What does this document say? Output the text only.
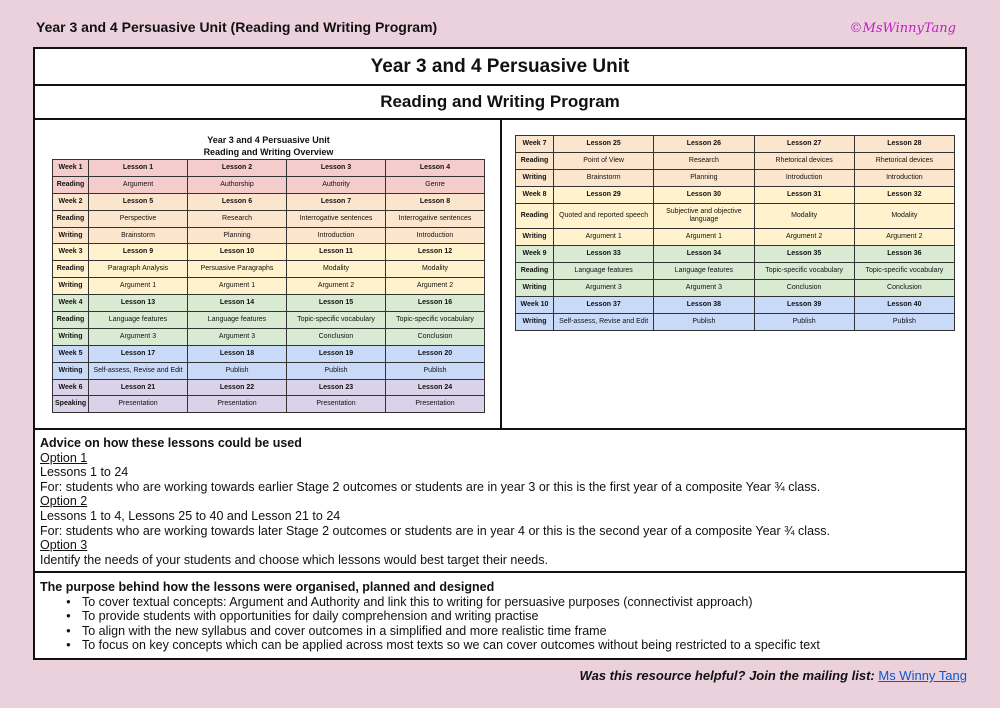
Year 3 and 4 Persuasive Unit (Reading and Writing Program)	©MsWinnyTang
Year 3 and 4 Persuasive Unit
Reading and Writing Program
Year 3 and 4 Persuasive Unit
Reading and Writing Overview
Week 1	Lesson 1	Lesson 2	Lesson 3	Lesson 4
Reading	Argument	Authorship	Authority	Genre
Week 2	Lesson 5	Lesson 6	Lesson 7	Lesson 8
Reading	Perspective	Research	Interrogative sentences	Interrogative sentences
Writing	Brainstorm	Planning	Introduction	Introduction
Week 3	Lesson 9	Lesson 10	Lesson 11	Lesson 12
Reading	Paragraph Analysis	Persuasive Paragraphs	Modality	Modality
Writing	Argument 1	Argument 1	Argument 2	Argument 2
Week 4	Lesson 13	Lesson 14	Lesson 15	Lesson 16
Reading	Language features	Language features	Topic-specific vocabulary	Topic-specific vocabulary
Writing	Argument 3	Argument 3	Conclusion	Conclusion
Week 5	Lesson 17	Lesson 18	Lesson 19	Lesson 20
Writing	Self-assess, Revise and Edit	Publish	Publish	Publish
Week 6	Lesson 21	Lesson 22	Lesson 23	Lesson 24
Speaking	Presentation	Presentation	Presentation	Presentation
Week 7	Lesson 25	Lesson 26	Lesson 27	Lesson 28
Reading	Point of View	Research	Rhetorical devices	Rhetorical devices
Writing	Brainstorm	Planning	Introduction	Introduction
Week 8	Lesson 29	Lesson 30	Lesson 31	Lesson 32
Reading	Quoted and reported speech	Subjective and objective language	Modality	Modality
Writing	Argument 1	Argument 1	Argument 2	Argument 2
Week 9	Lesson 33	Lesson 34	Lesson 35	Lesson 36
Reading	Language features	Language features	Topic-specific vocabulary	Topic-specific vocabulary
Writing	Argument 3	Argument 3	Conclusion	Conclusion
Week 10	Lesson 37	Lesson 38	Lesson 39	Lesson 40
Writing	Self-assess, Revise and Edit	Publish	Publish	Publish
Advice on how these lessons could be used
Option 1
Lessons 1 to 24
For: students who are working towards earlier Stage 2 outcomes or students are in year 3 or this is the first year of a composite Year ¾ class.
Option 2
Lessons 1 to 4, Lessons 25 to 40 and Lesson 21 to 24
For: students who are working towards later Stage 2 outcomes or students are in year 4 or this is the second year of a composite Year ¾ class.
Option 3
Identify the needs of your students and choose which lessons would best target their needs.
The purpose behind how the lessons were organised, planned and designed
● To cover textual concepts: Argument and Authority and link this to writing for persuasive purposes (connectivist approach)
● To provide students with opportunities for daily comprehension and writing practise
● To align with the new syllabus and cover outcomes in a simplified and more realistic time frame
● To focus on key concepts which can be applied across most texts so we can cover outcomes without being restricted to a specific text
Was this resource helpful? Join the mailing list: Ms Winny Tang
